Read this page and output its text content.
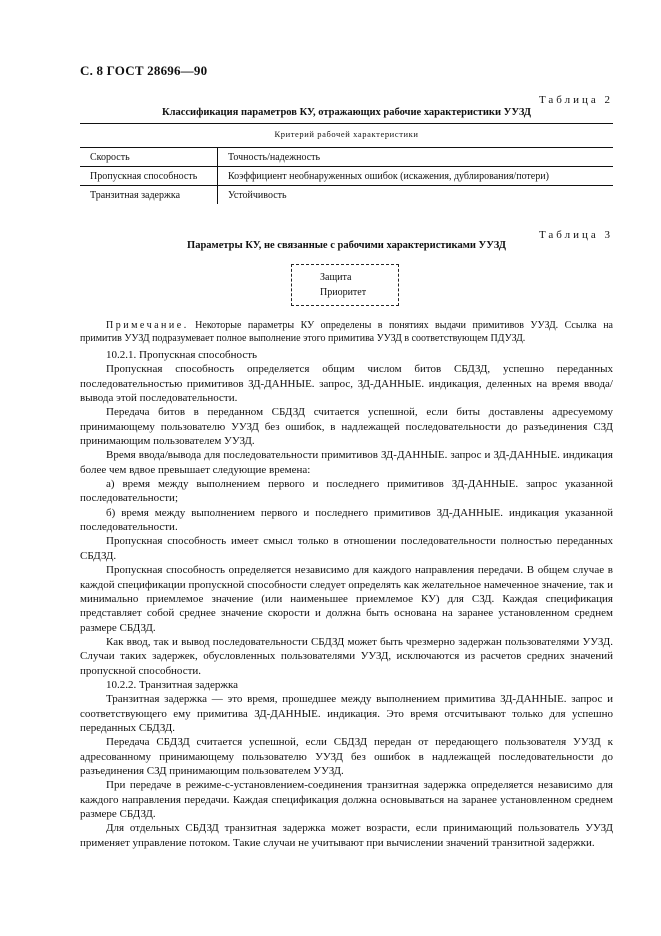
С. 8 ГОСТ 28696—90
Таблица 2
Классификация параметров КУ, отражающих рабочие характеристики УУЗД
Критерий рабочей характеристики
Скорость	Точность/надежность
Пропускная способность	Коэффициент необнаруженных ошибок (искажения, дублирования/потери)
Транзитная задержка	Устойчивость
Таблица 3
Параметры КУ, не связанные с рабочими характеристиками УУЗД
Защита
Приоритет

Примечание. Некоторые параметры КУ определены в понятиях выдачи примитивов УУЗД. Ссылка на примитив УУЗД подразумевает полное выполнение этого примитива УУЗД в соответствующем ПДУЗД.

10.2.1. Пропускная способность

Пропускная способность определяется общим числом битов СБДЗД, успешно переданных последовательностью примитивов ЗД-ДАННЫЕ. запрос, ЗД-ДАННЫЕ. индикация, деленных на время ввода/вывода этой последовательности.

Передача битов в переданном СБДЗД считается успешной, если биты доставлены адресуемому принимающему пользователю УУЗД без ошибок, в надлежащей последовательности до разъединения СЗД принимающим пользователем УУЗД.

Время ввода/вывода для последовательности примитивов ЗД-ДАННЫЕ. запрос и ЗД-ДАННЫЕ. индикация более чем вдвое превышает следующие времена:

а) время между выполнением первого и последнего примитивов ЗД-ДАННЫЕ. запрос указанной последовательности;

б) время между выполнением первого и последнего примитивов ЗД-ДАННЫЕ. индикация указанной последовательности.

Пропускная способность имеет смысл только в отношении последовательности полностью переданных СБДЗД.

Пропускная способность определяется независимо для каждого направления передачи. В общем случае в каждой спецификации пропускной способности следует определять как желательное намеченное значение, так и минимально приемлемое значение (или наименьшее приемлемое КУ) для СЗД. Каждая спецификация представляет собой среднее значение скорости и должна быть основана на заранее установленном среднем размере СБДЗД.

Как ввод, так и вывод последовательности СБДЗД может быть чрезмерно задержан пользователями УУЗД. Случаи таких задержек, обусловленных пользователями УУЗД, исключаются из расчетов средних значений пропускной способности.

10.2.2. Транзитная задержка

Транзитная задержка — это время, прошедшее между выполнением примитива ЗД-ДАННЫЕ. запрос и соответствующего ему примитива ЗД-ДАННЫЕ. индикация. Это время отсчитывают только для успешно переданных СБДЗД.

Передача СБДЗД считается успешной, если СБДЗД передан от передающего пользователя УУЗД к адресованному принимающему пользователю УУЗД без ошибок в надлежащей последовательности до разъединения СЗД принимающим пользователем УУЗД.

При передаче в режиме-с-установлением-соединения транзитная задержка определяется независимо для каждого направления передачи. Каждая спецификация должна основываться на заранее установленном среднем размере СБДЗД.

Для отдельных СБДЗД транзитная задержка может возрасти, если принимающий пользователь УУЗД применяет управление потоком. Такие случаи не учитывают при вычислении значений транзитной задержки.
